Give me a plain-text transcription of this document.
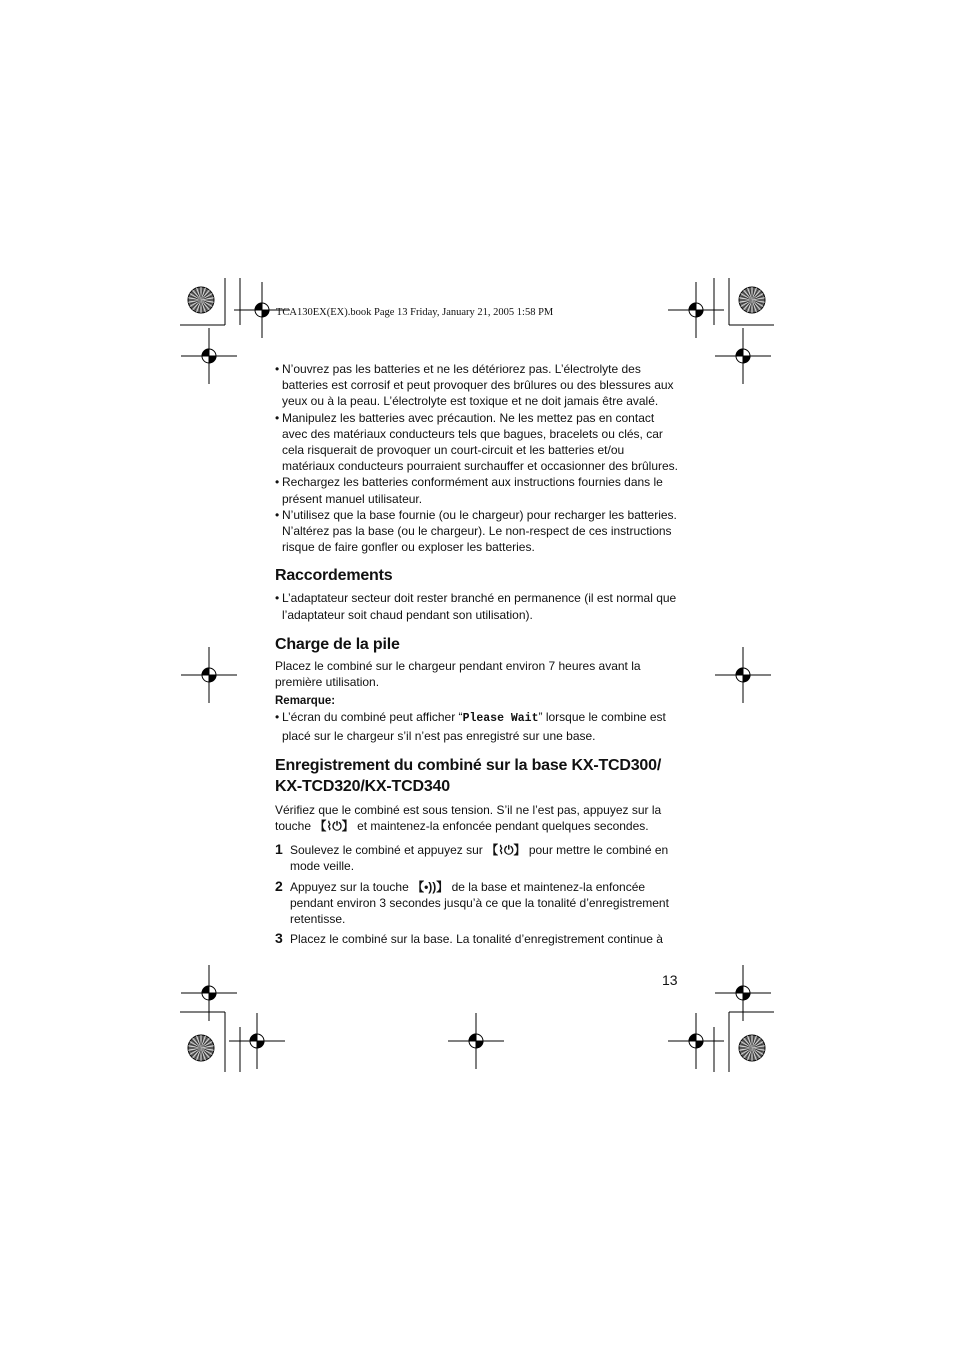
TCA130EX(EX).book Page 13 Friday, January 21, 2005 1:58 PM
• N’ouvrez pas les batteries et ne les détériorez pas. L’électrolyte des batteries est corrosif et peut provoquer des brûlures ou des blessures aux yeux ou à la peau. L’électrolyte est toxique et ne doit jamais être avalé.
• Manipulez les batteries avec précaution. Ne les mettez pas en contact avec des matériaux conducteurs tels que bagues, bracelets ou clés, car cela risquerait de provoquer un court-circuit et les batteries et/ou matériaux conducteurs pourraient surchauffer et occasionner des brûlures.
• Rechargez les batteries conformément aux instructions fournies dans le présent manuel utilisateur.
• N’utilisez que la base fournie (ou le chargeur) pour recharger les batteries. N’altérez pas la base (ou le chargeur). Le non-respect de ces instructions risque de faire gonfler ou exploser les batteries.
Raccordements
• L’adaptateur secteur doit rester branché en permanence (il est normal que l’adaptateur soit chaud pendant son utilisation).
Charge de la pile

Placez le combiné sur le chargeur pendant environ 7 heures avant la première utilisation.

Remarque:

• L’écran du combiné peut afficher “Please Wait” lorsque le combine est placé sur le chargeur s’il n’est pas enregistré sur une base.
Enregistrement du combiné sur la base KX-TCD300/
KX-TCD320/KX-TCD340

Vérifiez que le combiné est sous tension. S’il ne l’est pas, appuyez sur la touche 【⌇⏻】 et maintenez-la enfoncée pendant quelques secondes.

1 Soulevez le combiné et appuyez sur 【⌇⏻】 pour mettre le combiné en mode veille.
2 Appuyez sur la touche 【•))】 de la base et maintenez-la enfoncée pendant environ 3 secondes jusqu’à ce que la tonalité d’enregistrement retentisse.
3 Placez le combiné sur la base. La tonalité d’enregistrement continue à
13
